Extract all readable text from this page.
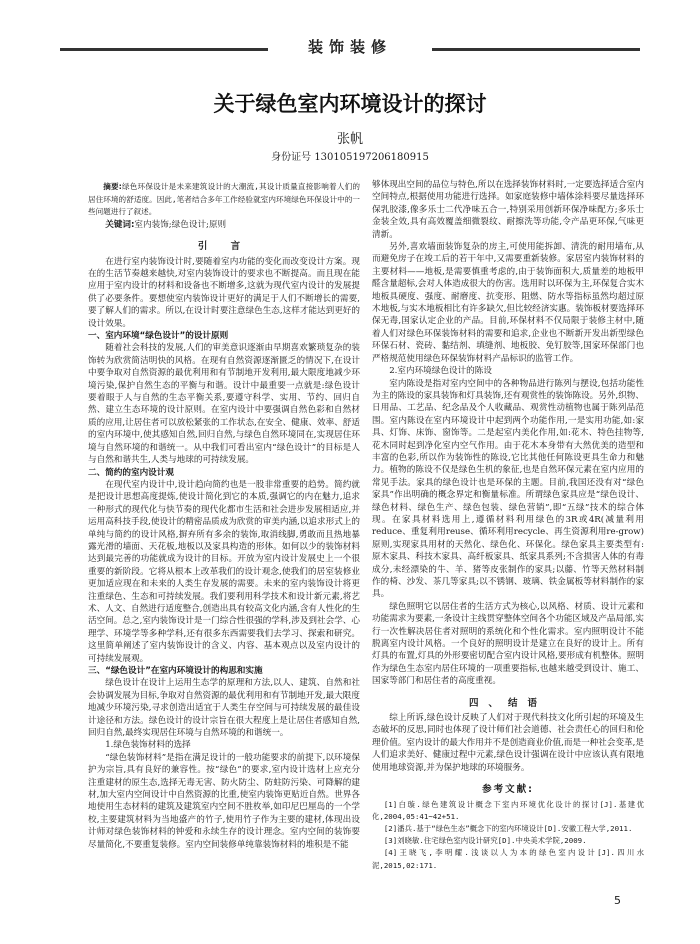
装饰装修
关于绿色室内环境设计的探讨
张帆
身份证号 130105197206180915

摘要:绿色环保设计是未来建筑设计的大潮流,其设计质量直接影响着人们的居住环境的舒适度。因此,笔者结合多年工作经验就室内环境绿色环保设计中的一些问题进行了叙述。

关键词:室内装饰;绿色设计;原则

引 言

在进行室内装饰设计时,要随着室内功能的变化而改变设计方案。现在的生活节奏越来越快,对室内装饰设计的要求也不断提高。而且现在能应用于室内设计的材料和设备也不断增多,这就为现代室内设计的发展提供了必要条件。要想使室内装饰设计更好的满足于人们不断增长的需要,要了解人们的需求。所以,在设计时要注意绿色生态,这样才能达到更好的设计效果。

一、室内环境“绿色设计”的设计原则

随着社会科技的发展,人们的审美意识逐渐由早期喜欢繁琐复杂的装饰转为欣赏简洁明快的风格。在现有自然资源逐渐匮乏的情况下,在设计中要争取对自然资源的最优利用和有节制地开发利用,最大限度地减少环境污染,保护自然生态的平衡与和谐。设计中最重要一点就是:绿色设计要着眼于人与自然的生态平衡关系,要遵守科学、实用、节约、回归自然、建立生态环境的设计原则。在室内设计中要强调自然色彩和自然材质的应用,让居住者可以放松紧张的工作状态,在安全、健康、效率、舒适的室内环境中,使其感知自然,回归自然,与绿色自然环境同在,实现居住环境与自然环境的和谐统一。从中我们可看出室内“绿色设计”的目标是人与自然和谐共生,人类与地球的可持续发展。

二、简约的室内设计观

在现代室内设计中,设计趋向简约也是一股非常重要的趋势。简约就是把设计思想高度提炼,使设计简化到它的本质,强调它的内在魅力,追求一种形式的现代化与快节奏的现代化都市生活和社会进步发展相适应,并运用高科技手段,使设计的精密品质成为欣赏的审美内涵,以追求形式上的单纯与简约的设计风格,摒弃所有多余的装饰,取消线脚,勇敢而且热地暴露光滑的墙面、天花板,地板以及家具构造的形体。如何以少的装饰材料达到最完善的功能就成为设计的目标。开放为室内设计发展史上一个很重要的新阶段。它将从根本上改革我们的设计观念,使我们的居室装修业更加适应现在和未来的人类生存发展的需要。未来的室内装饰设计将更注重绿色、生态和可持续发展。我们要利用科学技术和设计新元素,将艺术、人文、自然进行适度整合,创造出具有较高文化内涵,含有人性化的生活空间。总之,室内装饰设计是一门综合性很强的学科,涉及到社会学、心理学、环境学等多种学科,还有很多东西需要我们去学习、探索和研究。这里简单阐述了室内装饰设计的含义、内容、基本观点以及室内设计的可持续发展观。

三、“绿色设计”在室内环境设计的构思和实施

绿色设计在设计上运用生态学的原理和方法,以人、建筑、自然和社会协调发展为目标,争取对自然资源的最优利用和有节制地开发,最大限度地减少环境污染,寻求创造出适宜于人类生存空间与可持续发展的最佳设计途径和方法。绿色设计的设计宗旨在很大程度上是让居住者感知自然,回归自然,最终实现居住环境与自然环境的和谐统一。

1.绿色装饰材料的选择

“绿色装饰材料”是指在满足设计的一般功能要求的前提下,以环境保护为宗旨,具有良好的兼容性。按“绿色”的要求,室内设计选材上应充分注重建材的原生态,选择无毒无害、防火防尘、防蛀防污染、可降解的建材,加大室内空间设计中自然资源的比重,使室内装饰更贴近自然。世界各地使用生态材料的建筑及建筑室内空间不胜枚举,如印尼巴厘岛的一个学校,主要建筑材料为当地盛产的竹子,使用竹子作为主要的建材,体现出设计师对绿色装饰材料的钟爱和永续生存的设计理念。室内空间的装饰要尽量简化,不要重复装修。室内空间装修单纯靠装饰材料的堆积是不能

够体现出空间的品位与特色,所以在选择装饰材料时,一定要选择适合室内空间特点,根据使用功能进行选择。如家庭装修中墙体涂料要尽量选择环保乳胶漆,像多乐士二代净味五合一,特别采用创新环保净味配方;多乐士金装全效,具有高效覆盖细微裂纹、耐擦洗等功能,令产品更环保,气味更清新。

另外,喜欢墙面装饰复杂的房主,可使用能拆卸、清洗的耐用墙布,从而避免房子在竣工后的若干年中,又需要重新装修。家居室内装饰材料的主要材料——地板,是需要慎重考虑的,由于装饰面积大,质量差的地板甲醛含量超标,会对人体造成很大的伤害。选用时以环保为主,环保复合实木地板具硬度、强度、耐磨度、抗变形、阻燃、防水等指标虽然均超过原木地板,与实木地板相比有许多缺欠,但比较经济实惠。装饰板材要选择环保无毒,国家认定企业的产品。目前,环保材料不仅局限于装修主材中,随着人们对绿色环保装饰材料的需要和追求,企业也不断新开发出新型绿色环保石材、瓷砖、黏结剂、填缝剂、地板胶、免钉胶等,国家环保部门也严格规范使用绿色环保装饰材料产品标识的监管工作。

2.室内环境绿色设计的陈设

室内陈设是指对室内空间中的各种物品进行陈列与摆设,包括功能性为主的陈设的家具装饰和灯具装饰,还有观赏性的装饰陈设。另外,织物、日用品、工艺品、纪念品及个人收藏品、观赏性动植物也属于陈列品范围。室内陈设在室内环境设计中起到两个功能作用,一是实用功能,如:家具、灯饰、床饰、窗饰等。二是起室内美化作用,如:花木、特色挂物等,花木同时起到净化室内空气作用。由于花木本身带有大然优美的造型和丰富的色彩,所以作为装饰性的陈设,它比其他任何陈设更具生命力和魅力。植物的陈设不仅是绿色生机的象征,也是自然环保元素在室内应用的常见手法。家具的绿色设计也是环保的主题。目前,我国还没有对“绿色家具”作出明确的概念界定和衡量标准。所谓绿色家具应是“绿色设计、绿色材料、绿色生产、绿色包装、绿色营销”,即“五绿”技术的综合体现。在家具材料选用上,遵循材料利用绿色的3R或4R(减量利用reduce、重复利用reuse、循环利用recycle、再生资源利用re-grow)原则,实现家具用材的天然化、绿色化、环保化。绿色家具主要类型有:原木家具、科技木家具、高纤板家具、纸家具系列;不含损害人体的有毒成分,未经漂染的牛、羊、猪等皮张制作的家具;以藤、竹等天然材料制作的椅、沙发、茶几等家具;以不锈钢、玻璃、铁金属板等材料制作的家具。

绿色照明它以居住者的生活方式为核心,以风格、材质、设计元素和功能需求为要素,一条设计主线贯穿整体空间各个功能区域及产品局部,实行一次性解决居住者对照明的系统化和个性化需求。室内照明设计不能脱离室内设计风格。一个良好的照明设计是建立在良好的设计上。所有灯具的布置,灯具的外形要密切配合室内设计风格,要形成有机整体。照明作为绿色生态室内居住环境的一项重要指标,也越来越受到设计、施工、国家等部门和居住者的高度重视。

四、结语

综上所诉,绿色设计反映了人们对于现代科技文化所引起的环境及生态破坏的反思,同时也体现了设计师们社会道德、社会责任心的回归和伦理价值。室内设计的最大作用并不是创造商业价值,而是一种社会变革,是人们追求美好、健康过程中元素,绿色设计强调在设计中应该认真有限地使用地球资源,并为保护地球的环境服务。

参考文献:

[1]白璇.绿色建筑设计概念下室内环境优化设计的探讨[J].基建优化,2004,05:41~42+51.

[2]潘兵.基于“绿色生态”概念下的室内环境设计[D].安徽工程大学,2011.

[3]刘晓敏.住宅绿色室内设计研究[D].中央美术学院,2009.

[4]王晓飞,李明耀.浅谈以人为本的绿色室内设计[J].四川水泥,2015,02:171.

5
